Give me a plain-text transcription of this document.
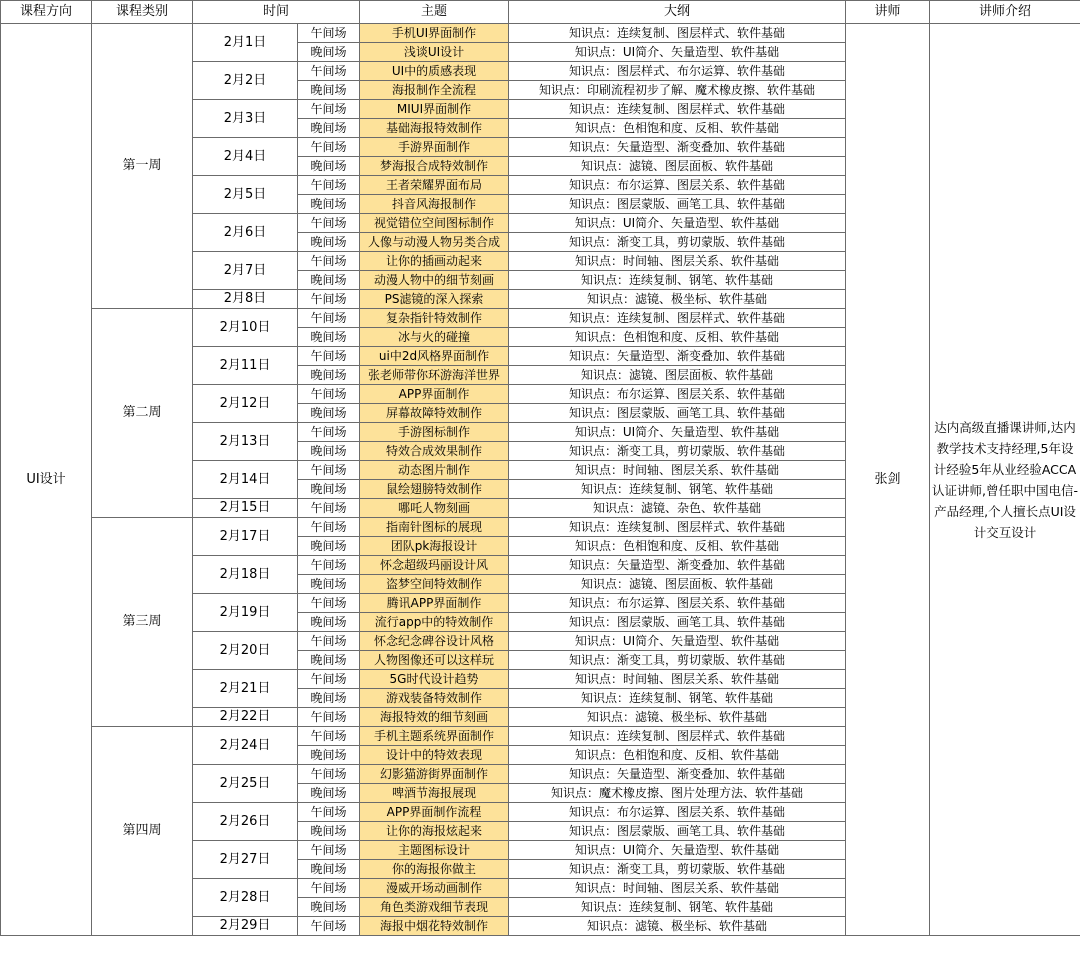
课程方向	课程类别	时间		主题	大纲	讲师	讲师介绍
UI设计	第一周	2月1日	午间场	手机UI界面制作	知识点：连续复制、图层样式、软件基础	张剑	达内高级直播课讲师,达内教学技术支持经理,5年设计经验5年从业经验ACCA认证讲师,曾任职中国电信-产品经理,个人擅长点UI设计交互设计
			晚间场	浅谈UI设计	知识点：UI简介、矢量造型、软件基础		
		2月2日	午间场	UI中的质感表现	知识点：图层样式、布尔运算、软件基础		
			晚间场	海报制作全流程	知识点：印刷流程初步了解、魔术橡皮擦、软件基础		
		2月3日	午间场	MIUI界面制作	知识点：连续复制、图层样式、软件基础		
			晚间场	基础海报特效制作	知识点：色相饱和度、反相、软件基础		
		2月4日	午间场	手游界面制作	知识点：矢量造型、渐变叠加、软件基础		
			晚间场	梦海报合成特效制作	知识点：滤镜、图层面板、软件基础		
		2月5日	午间场	王者荣耀界面布局	知识点：布尔运算、图层关系、软件基础		
			晚间场	抖音风海报制作	知识点：图层蒙版、画笔工具、软件基础		
		2月6日	午间场	视觉错位空间图标制作	知识点：UI简介、矢量造型、软件基础		
			晚间场	人像与动漫人物另类合成	知识点：渐变工具，剪切蒙版、软件基础		
		2月7日	午间场	让你的插画动起来	知识点：时间轴、图层关系、软件基础		
			晚间场	动漫人物中的细节刻画	知识点：连续复制、钢笔、软件基础		
		2月8日	午间场	PS滤镜的深入探索	知识点：滤镜、极坐标、软件基础		
	第二周	2月10日	午间场	复杂指针特效制作	知识点：连续复制、图层样式、软件基础		
			晚间场	冰与火的碰撞	知识点：色相饱和度、反相、软件基础		
		2月11日	午间场	ui中2d风格界面制作	知识点：矢量造型、渐变叠加、软件基础		
			晚间场	张老师带你环游海洋世界	知识点：滤镜、图层面板、软件基础		
		2月12日	午间场	APP界面制作	知识点：布尔运算、图层关系、软件基础		
			晚间场	屏幕故障特效制作	知识点：图层蒙版、画笔工具、软件基础		
		2月13日	午间场	手游图标制作	知识点：UI简介、矢量造型、软件基础		
			晚间场	特效合成效果制作	知识点：渐变工具，剪切蒙版、软件基础		
		2月14日	午间场	动态图片制作	知识点：时间轴、图层关系、软件基础		
			晚间场	鼠绘翅膀特效制作	知识点：连续复制、钢笔、软件基础		
		2月15日	午间场	哪吒人物刻画	知识点：滤镜、杂色、软件基础		
	第三周	2月17日	午间场	指南针图标的展现	知识点：连续复制、图层样式、软件基础		
			晚间场	团队pk海报设计	知识点：色相饱和度、反相、软件基础		
		2月18日	午间场	怀念超级玛丽设计风	知识点：矢量造型、渐变叠加、软件基础		
			晚间场	盗梦空间特效制作	知识点：滤镜、图层面板、软件基础		
		2月19日	午间场	腾讯APP界面制作	知识点：布尔运算、图层关系、软件基础		
			晚间场	流行app中的特效制作	知识点：图层蒙版、画笔工具、软件基础		
		2月20日	午间场	怀念纪念碑谷设计风格	知识点：UI简介、矢量造型、软件基础		
			晚间场	人物图像还可以这样玩	知识点：渐变工具，剪切蒙版、软件基础		
		2月21日	午间场	5G时代设计趋势	知识点：时间轴、图层关系、软件基础		
			晚间场	游戏装备特效制作	知识点：连续复制、钢笔、软件基础		
		2月22日	午间场	海报特效的细节刻画	知识点：滤镜、极坐标、软件基础		
	第四周	2月24日	午间场	手机主题系统界面制作	知识点：连续复制、图层样式、软件基础		
			晚间场	设计中的特效表现	知识点：色相饱和度、反相、软件基础		
		2月25日	午间场	幻影猫游街界面制作	知识点：矢量造型、渐变叠加、软件基础		
			晚间场	啤酒节海报展现	知识点：魔术橡皮擦、图片处理方法、软件基础		
		2月26日	午间场	APP界面制作流程	知识点：布尔运算、图层关系、软件基础		
			晚间场	让你的海报炫起来	知识点：图层蒙版、画笔工具、软件基础		
		2月27日	午间场	主题图标设计	知识点：UI简介、矢量造型、软件基础		
			晚间场	你的海报你做主	知识点：渐变工具，剪切蒙版、软件基础		
		2月28日	午间场	漫威开场动画制作	知识点：时间轴、图层关系、软件基础		
			晚间场	角色类游戏细节表现	知识点：连续复制、钢笔、软件基础		
		2月29日	午间场	海报中烟花特效制作	知识点：滤镜、极坐标、软件基础		
